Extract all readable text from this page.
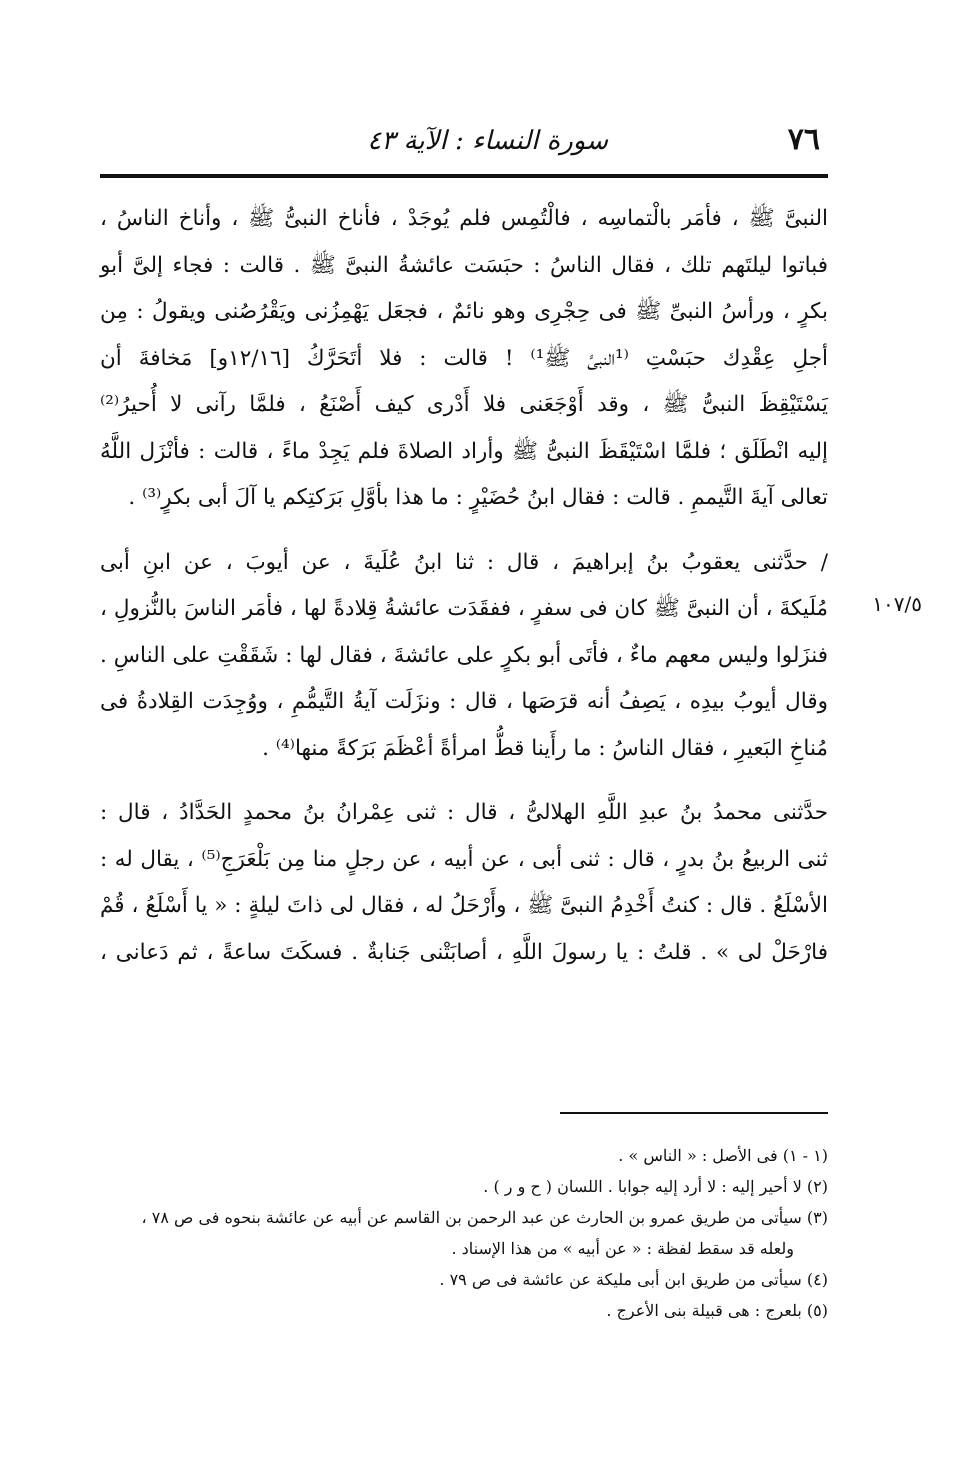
٧٦
سورة النساء : الآية ٤٣
١٠٧/٥

النبىَّ ﷺ ، فأمَر بالْتماسِه ، فالْتُمِس فلم يُوجَدْ ، فأناخ النبىُّ ﷺ ، وأناخ الناسُ ،
فباتوا ليلتَهم تلك ، فقال الناسُ : حبَسَت عائشةُ النبىَّ ﷺ . قالت : فجاء إلىَّ أبو
بكرٍ ، ورأسُ النبىِّ ﷺ فى حِجْرِى وهو نائمٌ ، فجعَل يَهْمِزُنى ويَقْرُصُنى ويقولُ : مِن
أجلِ عِقْدِك حبَسْتِ ⁽¹النبىَّ ﷺ¹⁾ ! قالت : فلا أتَحَرَّكُ [١٢/١٦و] مَخافةَ أن
يَسْتَيْقِظَ النبىُّ ﷺ ، وقد أَوْجَعَنى فلا أَدْرى كيف أَصْنَعُ ، فلمَّا رآنى لا أُحيرُ⁽²⁾
إليه انْطَلَق ؛ فلمَّا اسْتَيْقَظَ النبىُّ ﷺ وأراد الصلاةَ فلم يَجِدْ ماءً ، قالت : فأنْزَل اللَّهُ
تعالى آيةَ التَّيممِ . قالت : فقال ابنُ حُضَيْرٍ : ما هذا بأوَّلِ بَرَكتِكم يا آلَ أبى بكرٍ⁽³⁾ .

/ حدَّثنى يعقوبُ بنُ إبراهيمَ ، قال : ثنا ابنُ عُلَيةَ ، عن أيوبَ ، عن ابنِ أبى
مُلَيكةَ ، أن النبىَّ ﷺ كان فى سفرٍ ، ففقَدَت عائشةُ قِلادةً لها ، فأمَر الناسَ بالنُّزولِ ،
فنزَلوا وليس معهم ماءٌ ، فأتَى أبو بكرٍ على عائشةَ ، فقال لها : شَقَقْتِ على الناسِ .
وقال أيوبُ بيدِه ، يَصِفُ أنه قرَصَها ، قال : ونزَلَت آيةُ التَّيمُّمِ ، ووُجِدَت القِلادةُ فى
مُناخِ البَعيرِ ، فقال الناسُ : ما رأَينا قطُّ امرأةً أعْظَمَ بَرَكةً منها⁽⁴⁾ .

حدَّثنى محمدُ بنُ عبدِ اللَّهِ الهلالىُّ ، قال : ثنى عِمْرانُ بنُ محمدٍ الحَدَّادُ ، قال :
ثنى الربيعُ بنُ بدرٍ ، قال : ثنى أبى ، عن أبيه ، عن رجلٍ منا مِن بَلْعَرَجِ⁽⁵⁾ ، يقال له :
الأسْلَعُ . قال : كنتُ أَخْدِمُ النبىَّ ﷺ ، وأَرْحَلُ له ، فقال لى ذاتَ ليلةٍ : « يا أَسْلَعُ ، قُمْ
فارْحَلْ لى » . قلتُ : يا رسولَ اللَّهِ ، أصابَتْنى جَنابةٌ . فسكَتَ ساعةً ، ثم دَعانى ،

(١ - ١) فى الأصل : « الناس » .

(٢) لا أحير إليه : لا أرد إليه جوابا . اللسان ( ح و ر ) .

(٣) سيأتى من طريق عمرو بن الحارث عن عبد الرحمن بن القاسم عن أبيه عن عائشة بنحوه فى ص ٧٨ ،
ولعله قد سقط لفظة : « عن أبيه » من هذا الإسناد .

(٤) سيأتى من طريق ابن أبى مليكة عن عائشة فى ص ٧٩ .

(٥) بلعرج : هى قبيلة بنى الأعرج .
